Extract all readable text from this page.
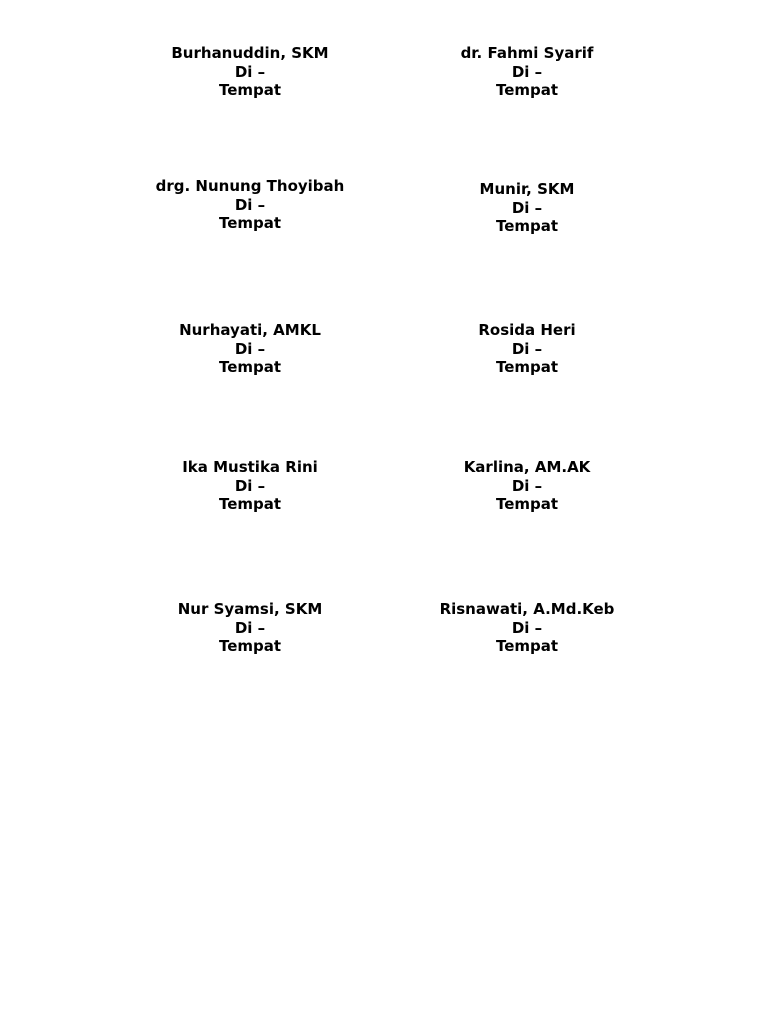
Burhanuddin, SKM
Di –
Tempat
dr. Fahmi Syarif
Di –
Tempat
drg. Nunung Thoyibah
Di –
Tempat
Munir, SKM
Di –
Tempat
Nurhayati, AMKL
Di –
Tempat
Rosida Heri
Di –
Tempat
Ika Mustika Rini
Di –
Tempat
Karlina, AM.AK
Di –
Tempat
Nur Syamsi, SKM
Di –
Tempat
Risnawati, A.Md.Keb
Di –
Tempat
